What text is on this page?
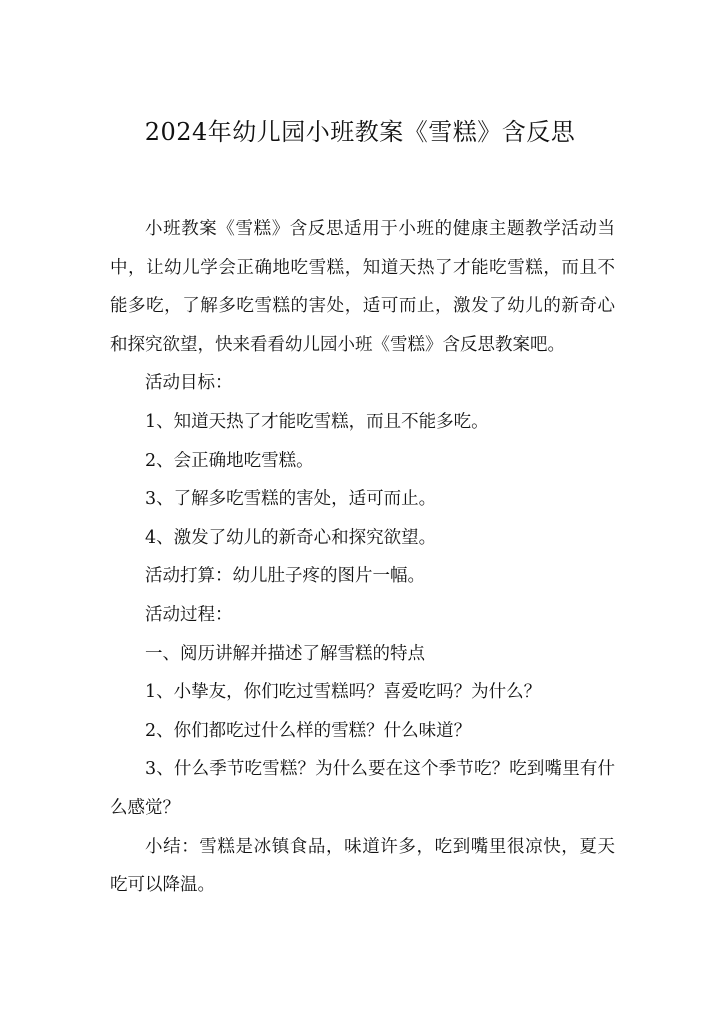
2024年幼儿园小班教案《雪糕》含反思

小班教案《雪糕》含反思适用于小班的健康主题教学活动当中，让幼儿学会正确地吃雪糕，知道天热了才能吃雪糕，而且不能多吃，了解多吃雪糕的害处，适可而止，激发了幼儿的新奇心和探究欲望，快来看看幼儿园小班《雪糕》含反思教案吧。

活动目标：

1、知道天热了才能吃雪糕，而且不能多吃。

2、会正确地吃雪糕。

3、了解多吃雪糕的害处，适可而止。

4、激发了幼儿的新奇心和探究欲望。

活动打算：幼儿肚子疼的图片一幅。

活动过程：

一、阅历讲解并描述了解雪糕的特点

1、小挚友，你们吃过雪糕吗？喜爱吃吗？为什么？

2、你们都吃过什么样的雪糕？什么味道？

3、什么季节吃雪糕？为什么要在这个季节吃？吃到嘴里有什么感觉？

小结：雪糕是冰镇食品，味道许多，吃到嘴里很凉快，夏天吃可以降温。
